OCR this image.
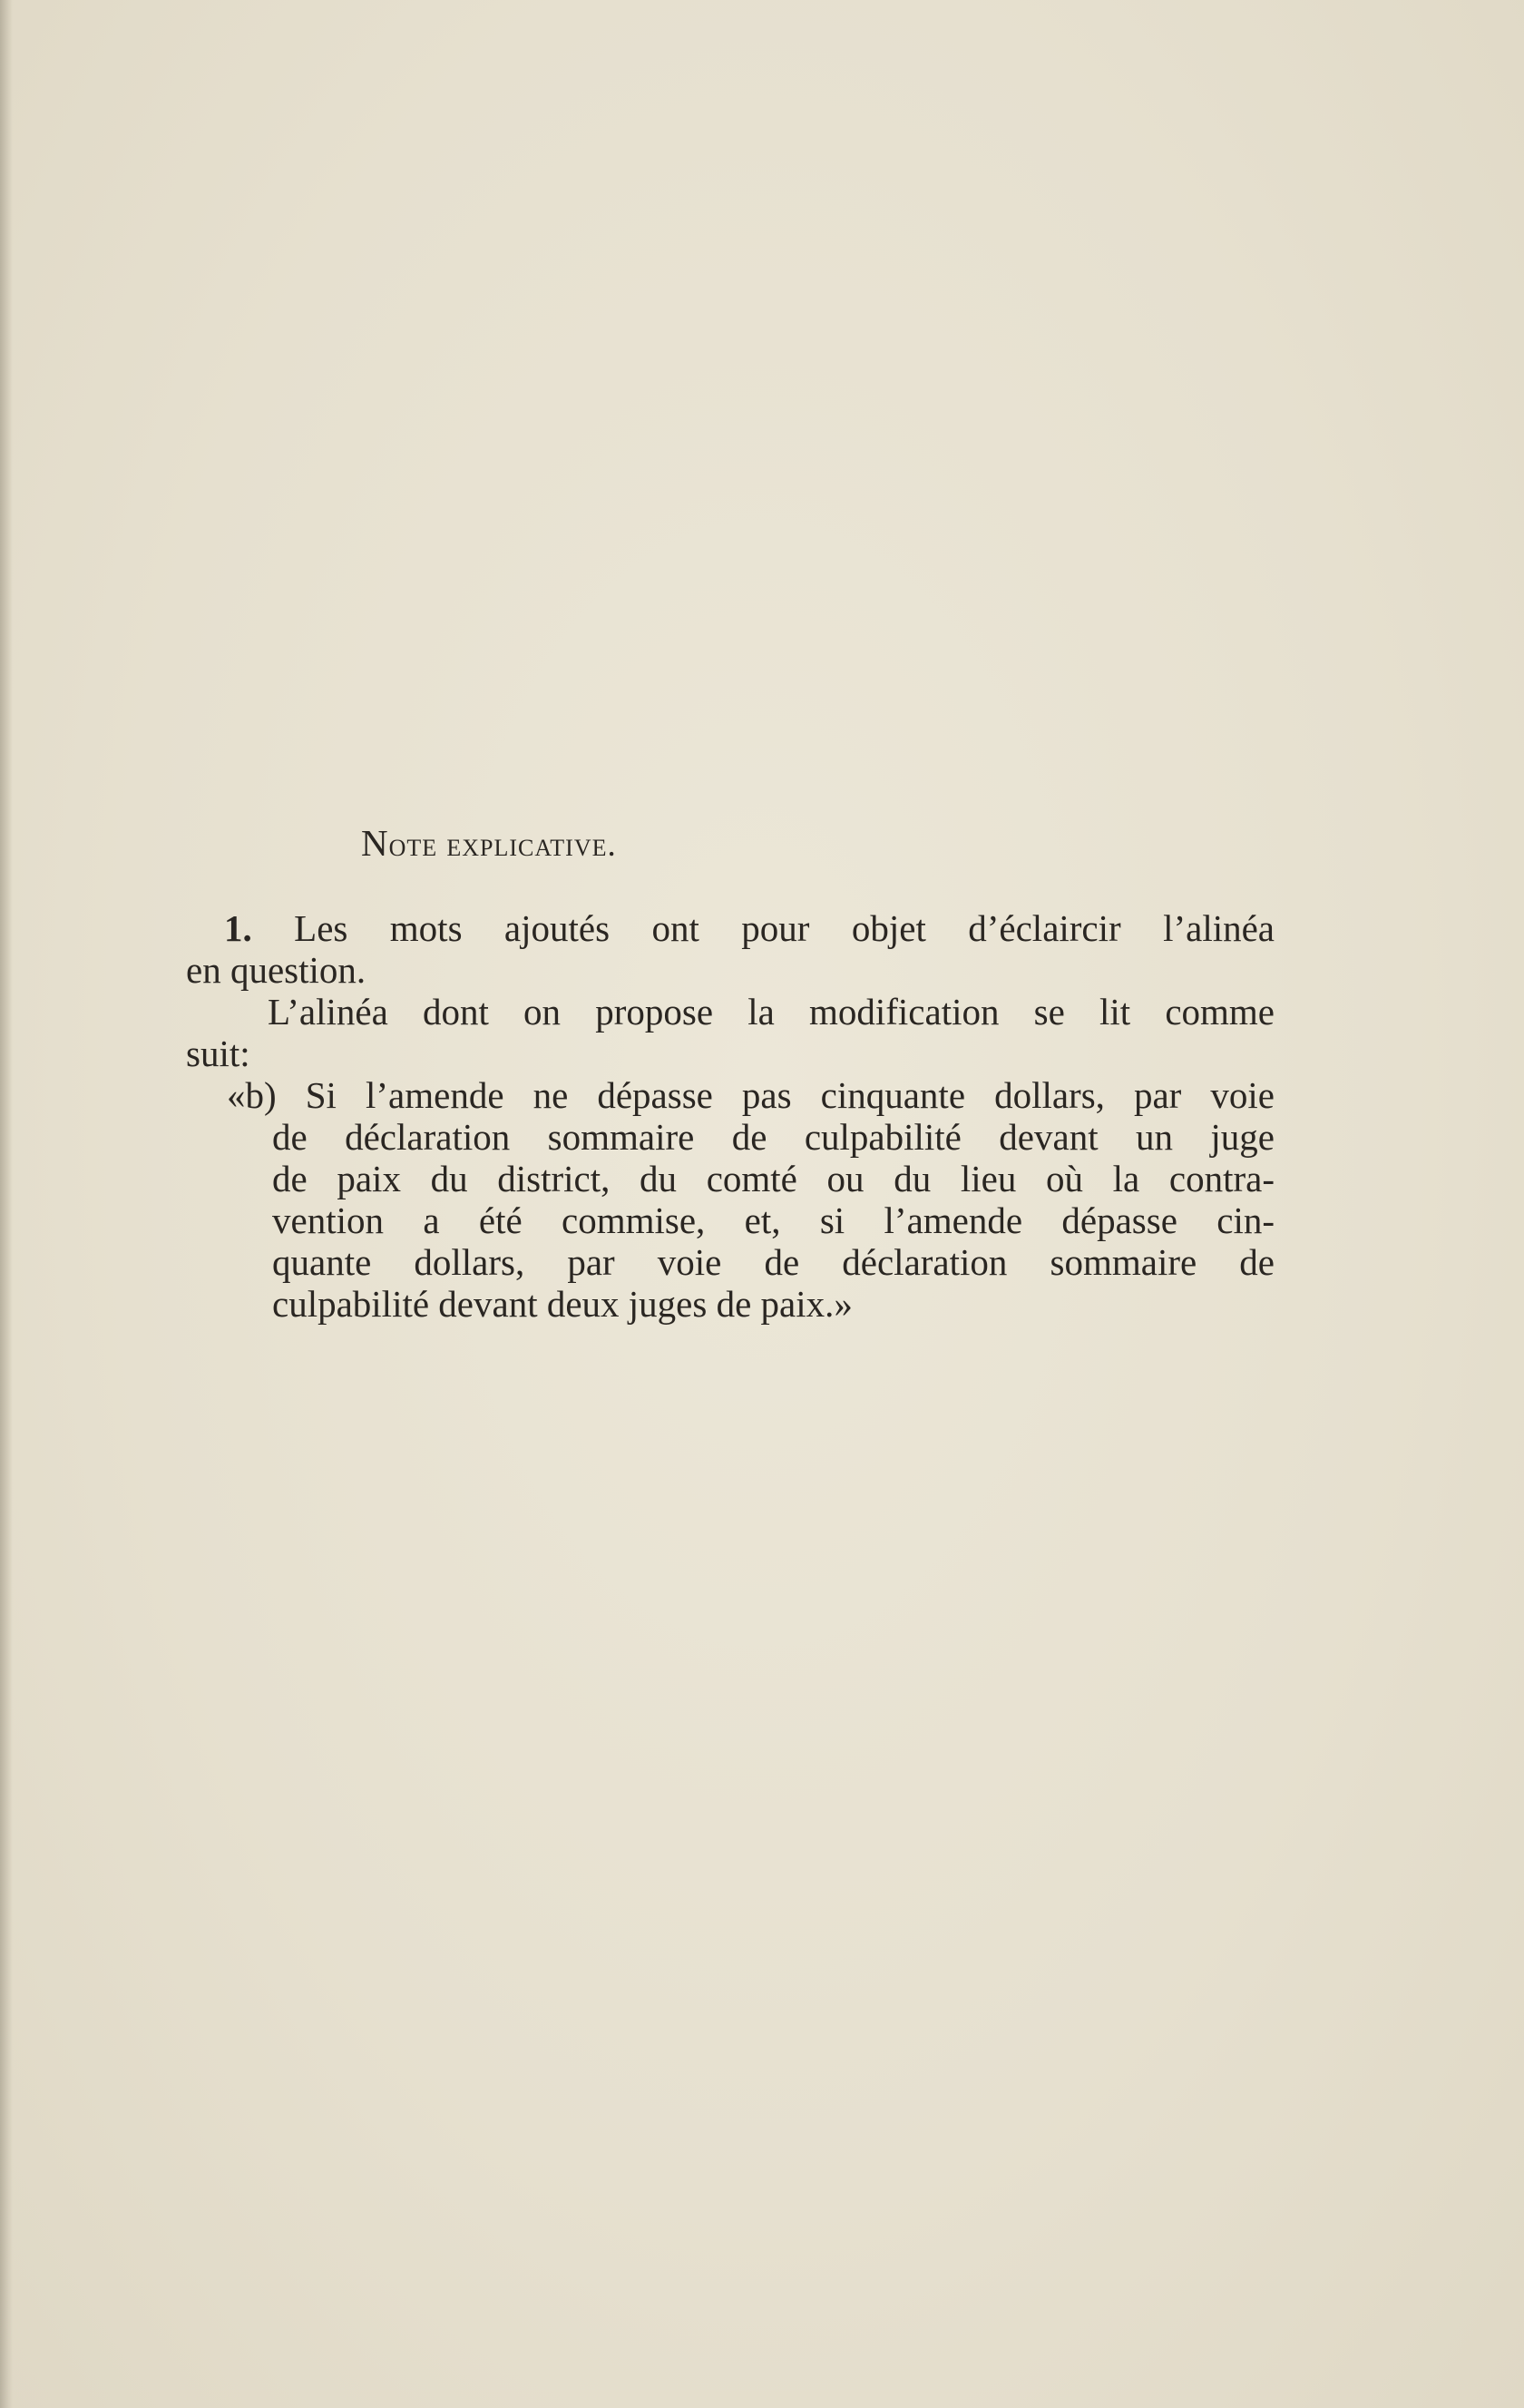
Note explicative.
1. Les mots ajoutés ont pour objet d’éclaircir l’alinéa
en question.
L’alinéa dont on propose la modification se lit comme
suit:
«b) Si l’amende ne dépasse pas cinquante dollars, par voie
de déclaration sommaire de culpabilité devant un juge
de paix du district, du comté ou du lieu où la contra-
vention a été commise, et, si l’amende dépasse cin-
quante dollars, par voie de déclaration sommaire de
culpabilité devant deux juges de paix.»
